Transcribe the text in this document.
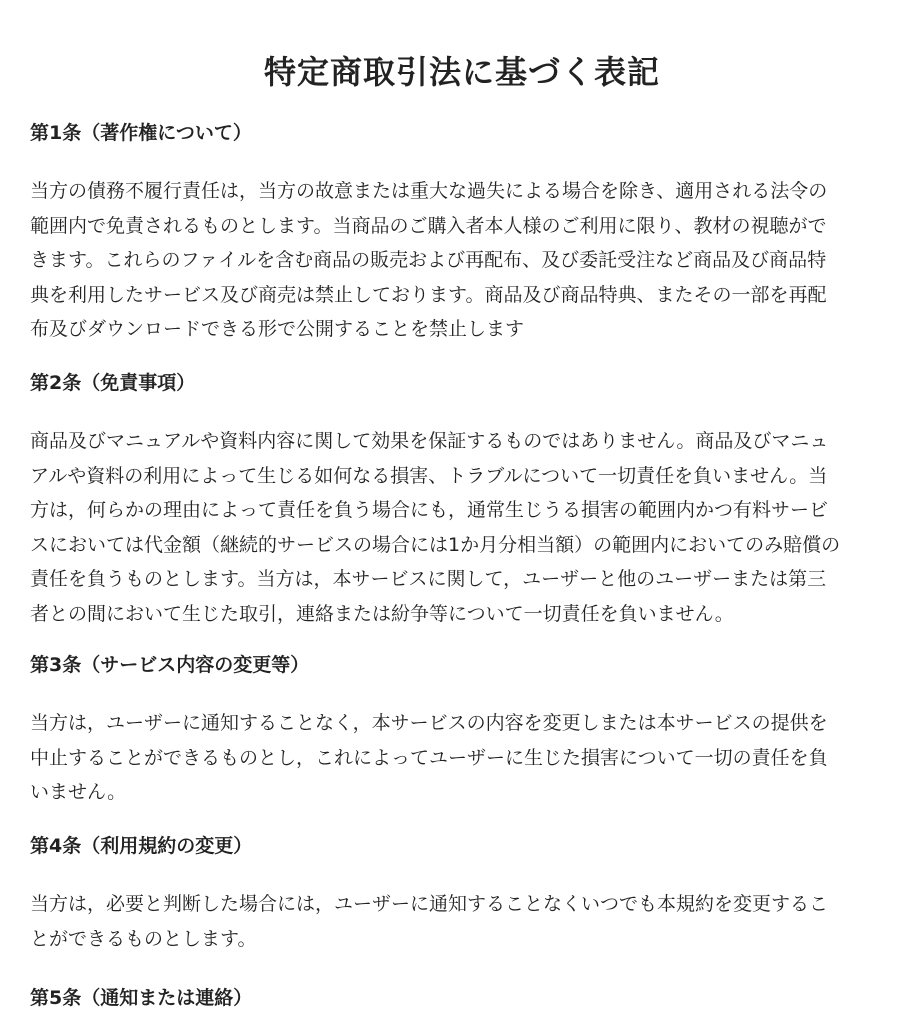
特定商取引法に基づく表記
第1条（著作権について）
当方の債務不履行責任は，当方の故意または重大な過失による場合を除き、適用される法令の
範囲内で免責されるものとします。当商品のご購入者本人様のご利用に限り、教材の視聴がで
きます。これらのファイルを含む商品の販売および再配布、及び委託受注など商品及び商品特
典を利用したサービス及び商売は禁止しております。商品及び商品特典、またその一部を再配
布及びダウンロードできる形で公開することを禁止します
第2条（免責事項）
商品及びマニュアルや資料内容に関して効果を保証するものではありません。商品及びマニュ
アルや資料の利用によって生じる如何なる損害、トラブルについて一切責任を負いません。当
方は，何らかの理由によって責任を負う場合にも，通常生じうる損害の範囲内かつ有料サービ
スにおいては代金額（継続的サービスの場合には1か月分相当額）の範囲内においてのみ賠償の
責任を負うものとします。当方は，本サービスに関して，ユーザーと他のユーザーまたは第三
者との間において生じた取引，連絡または紛争等について一切責任を負いません。
第3条（サービス内容の変更等）
当方は，ユーザーに通知することなく，本サービスの内容を変更しまたは本サービスの提供を
中止することができるものとし，これによってユーザーに生じた損害について一切の責任を負
いません。
第4条（利用規約の変更）
当方は，必要と判断した場合には，ユーザーに通知することなくいつでも本規約を変更するこ
とができるものとします。
第5条（通知または連絡）
